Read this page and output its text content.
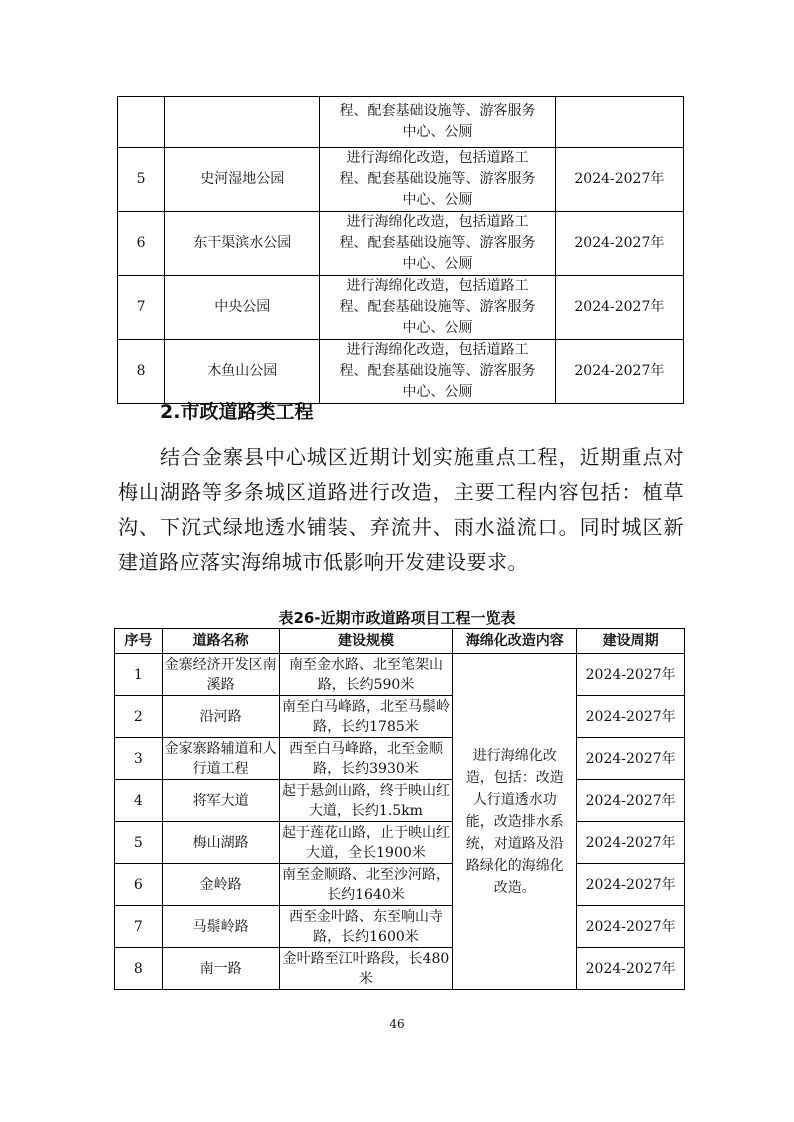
		程、配套基础设施等、游客服务
中心、公厕	

5	史河湿地公园	进行海绵化改造，包括道路工
程、配套基础设施等、游客服务
中心、公厕	2024-2027年
6	东干渠滨水公园	进行海绵化改造，包括道路工
程、配套基础设施等、游客服务
中心、公厕	2024-2027年
7	中央公园	进行海绵化改造，包括道路工
程、配套基础设施等、游客服务
中心、公厕	2024-2027年
8	木鱼山公园	进行海绵化改造，包括道路工
程、配套基础设施等、游客服务
中心、公厕	2024-2027年
2.市政道路类工程

结合金寨县中心城区近期计划实施重点工程，近期重点对梅山湖路等多条城区道路进行改造，主要工程内容包括：植草沟、下沉式绿地透水铺装、弃流井、雨水溢流口。同时城区新建道路应落实海绵城市低影响开发建设要求。

表26-近期市政道路项目工程一览表

序号	道路名称	建设规模	海绵化改造内容	建设周期
1	金寨经济开发区南溪路	南至金水路、北至笔架山路，长约590米	进行海绵化改造，包括：改造人行道透水功能，改造排水系统，对道路及沿路绿化的海绵化改造。	2024-2027年
2	沿河路	南至白马峰路，北至马鬃岭路，长约1785米		2024-2027年
3	金家寨路辅道和人行道工程	西至白马峰路，北至金顺路，长约3930米		2024-2027年
4	将军大道	起于悬剑山路，终于映山红大道，长约1.5km		2024-2027年
5	梅山湖路	起于莲花山路，止于映山红大道，全长1900米		2024-2027年
6	金岭路	南至金顺路、北至沙河路，长约1640米		2024-2027年
7	马鬃岭路	西至金叶路、东至响山寺路，长约1600米		2024-2027年
8	南一路	金叶路至江叶路段，长480米		2024-2027年

46
